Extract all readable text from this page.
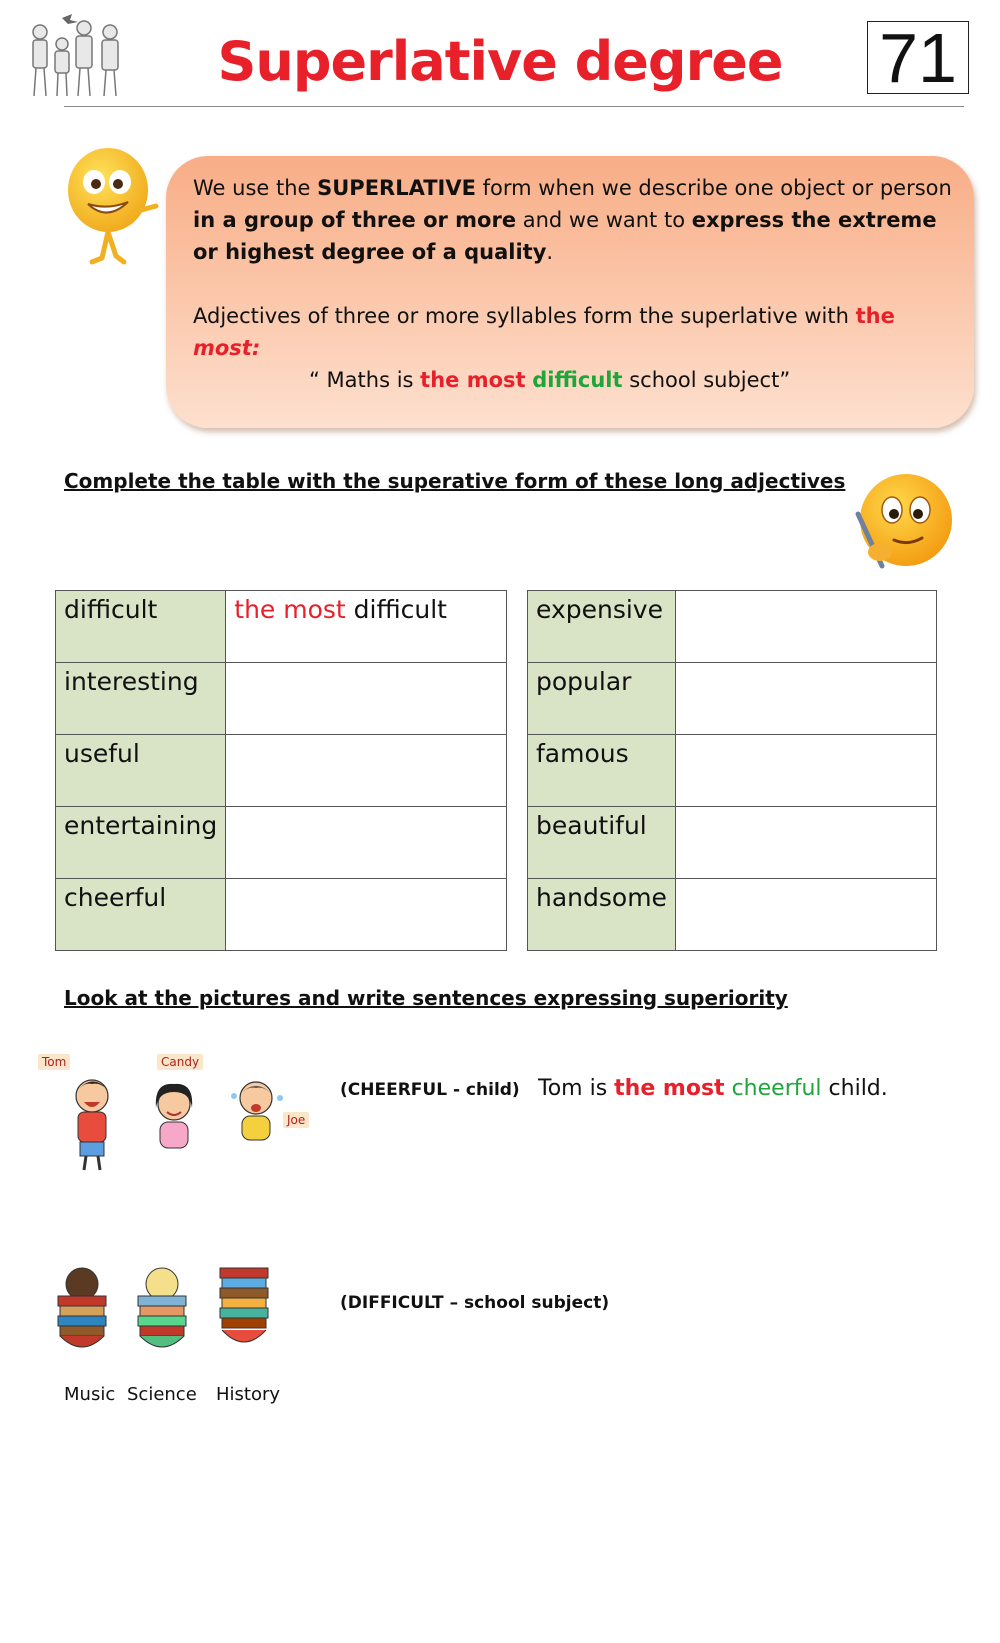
Superlative degree	71

We use the SUPERLATIVE form when we describe one object or person in a group of three or more and we want to express the extreme or highest degree of a quality.

Adjectives of three or more syllables form the superlative with the most:

“ Maths is the most difficult school subject”

Complete the table with the superative form of these long adjectives
difficult	the most difficult
interesting	
useful	
entertaining	
cheerful	
expensive	
popular	
famous	
beautiful	
handsome	
Look at the pictures and write sentences expressing superiority
Tom	Candy
Joe
(CHEERFUL - child) Tom is the most cheerful child.
(DIFFICULT – school subject)
Music Science History
